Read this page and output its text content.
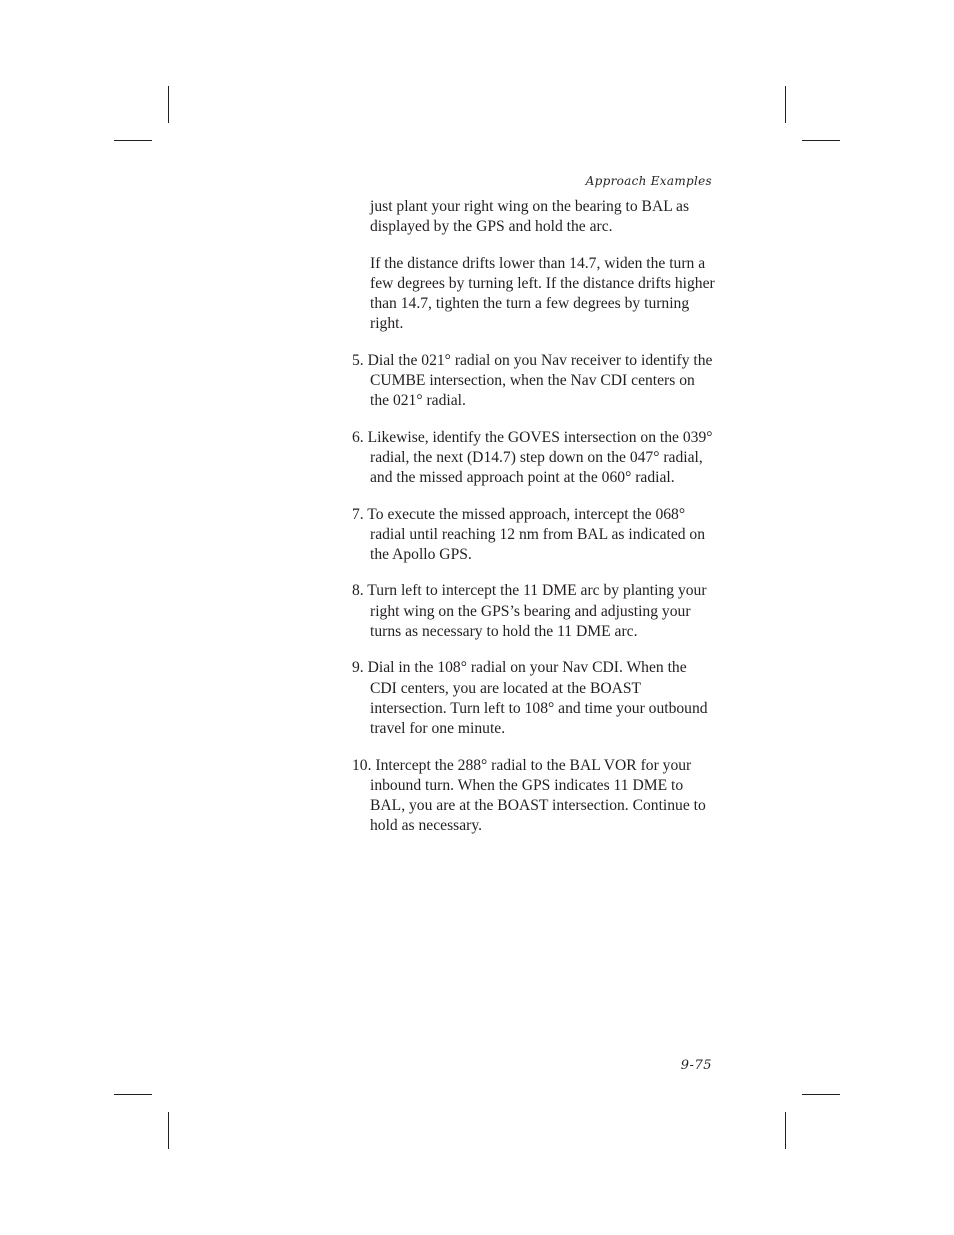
Approach Examples

just plant your right wing on the bearing to BAL as displayed by the GPS and hold the arc.

If the distance drifts lower than 14.7, widen the turn a few degrees by turning left. If the distance drifts higher than 14.7, tighten the turn a few degrees by turning right.

5. Dial the 021° radial on you Nav receiver to identify the CUMBE intersection, when the Nav CDI centers on the 021° radial.

6. Likewise, identify the GOVES intersection on the 039° radial, the next (D14.7) step down on the 047° radial, and the missed approach point at the 060° radial.

7. To execute the missed approach, intercept the 068° radial until reaching 12 nm from BAL as indicated on the Apollo GPS.

8. Turn left to intercept the 11 DME arc by planting your right wing on the GPS’s bearing and adjusting your turns as necessary to hold the 11 DME arc.

9. Dial in the 108° radial on your Nav CDI. When the CDI centers, you are located at the BOAST intersection. Turn left to 108° and time your outbound travel for one minute.

10. Intercept the 288° radial to the BAL VOR for your inbound turn. When the GPS indicates 11 DME to BAL, you are at the BOAST intersection. Continue to hold as necessary.

9-75
